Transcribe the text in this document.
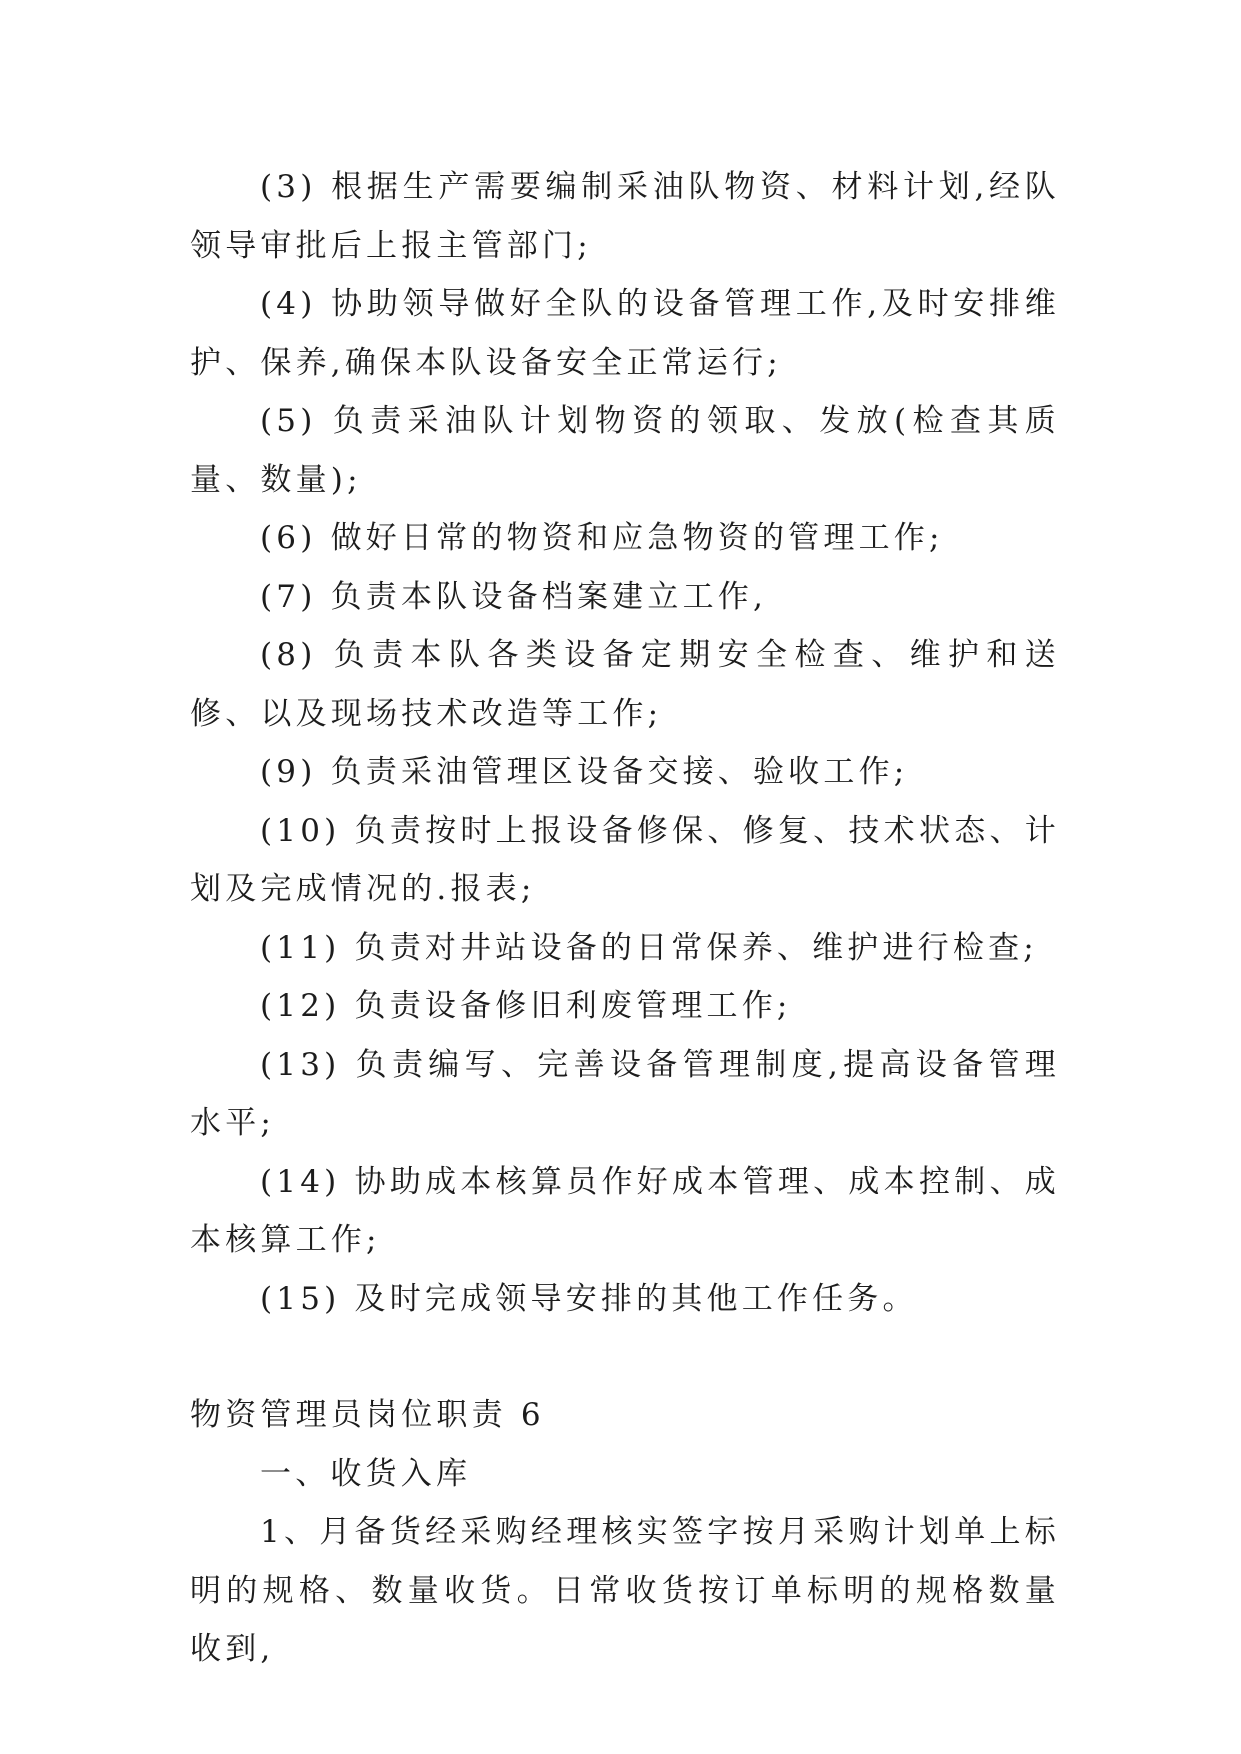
(3) 根据生产需要编制采油队物资、材料计划,经队领导审批后上报主管部门;

(4) 协助领导做好全队的设备管理工作,及时安排维护、保养,确保本队设备安全正常运行;

(5) 负责采油队计划物资的领取、发放(检查其质量、数量);

(6) 做好日常的物资和应急物资的管理工作;

(7) 负责本队设备档案建立工作,

(8) 负责本队各类设备定期安全检查、维护和送修、以及现场技术改造等工作;

(9) 负责采油管理区设备交接、验收工作;

(10) 负责按时上报设备修保、修复、技术状态、计划及完成情况的.报表;

(11) 负责对井站设备的日常保养、维护进行检查;

(12) 负责设备修旧利废管理工作;

(13) 负责编写、完善设备管理制度,提高设备管理水平;

(14) 协助成本核算员作好成本管理、成本控制、成本核算工作;

(15) 及时完成领导安排的其他工作任务。

物资管理员岗位职责 6

一、收货入库

1、月备货经采购经理核实签字按月采购计划单上标明的规格、数量收货。日常收货按订单标明的规格数量收到,
